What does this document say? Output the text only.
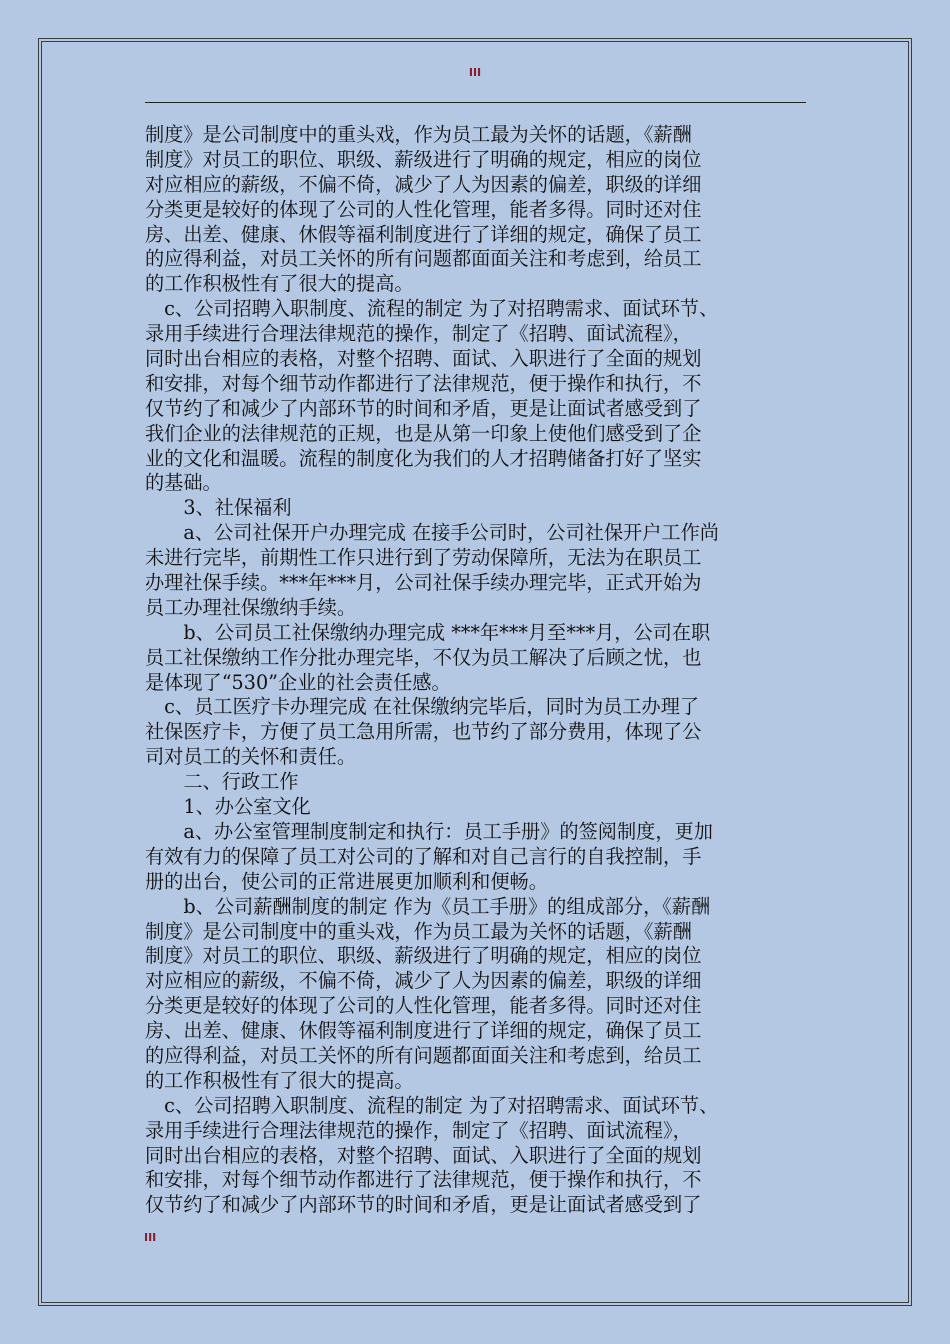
III
制度》是公司制度中的重头戏，作为员工最为关怀的话题，《薪酬
制度》对员工的职位、职级、薪级进行了明确的规定，相应的岗位
对应相应的薪级，不偏不倚，减少了人为因素的偏差，职级的详细
分类更是较好的体现了公司的人性化管理，能者多得。同时还对住
房、出差、健康、休假等福利制度进行了详细的规定，确保了员工
的应得利益，对员工关怀的所有问题都面面关注和考虑到，给员工
的工作积极性有了很大的提高。
　c、公司招聘入职制度、流程的制定 为了对招聘需求、面试环节、
录用手续进行合理法律规范的操作，制定了《招聘、面试流程》，
同时出台相应的表格，对整个招聘、面试、入职进行了全面的规划
和安排，对每个细节动作都进行了法律规范，便于操作和执行，不
仅节约了和减少了内部环节的时间和矛盾，更是让面试者感受到了
我们企业的法律规范的正规，也是从第一印象上使他们感受到了企
业的文化和温暖。流程的制度化为我们的人才招聘储备打好了坚实
的基础。
　　3、社保福利
　　a、公司社保开户办理完成 在接手公司时，公司社保开户工作尚
未进行完毕，前期性工作只进行到了劳动保障所，无法为在职员工
办理社保手续。***年***月，公司社保手续办理完毕，正式开始为
员工办理社保缴纳手续。
　　b、公司员工社保缴纳办理完成 ***年***月至***月，公司在职
员工社保缴纳工作分批办理完毕，不仅为员工解决了后顾之忧，也
是体现了“530”企业的社会责任感。
　c、员工医疗卡办理完成 在社保缴纳完毕后，同时为员工办理了
社保医疗卡，方便了员工急用所需，也节约了部分费用，体现了公
司对员工的关怀和责任。
　　二、行政工作
　　1、办公室文化
　　a、办公室管理制度制定和执行：员工手册》的签阅制度，更加
有效有力的保障了员工对公司的了解和对自己言行的自我控制，手
册的出台，使公司的正常进展更加顺利和便畅。
　　b、公司薪酬制度的制定 作为《员工手册》的组成部分，《薪酬
制度》是公司制度中的重头戏，作为员工最为关怀的话题，《薪酬
制度》对员工的职位、职级、薪级进行了明确的规定，相应的岗位
对应相应的薪级，不偏不倚，减少了人为因素的偏差，职级的详细
分类更是较好的体现了公司的人性化管理，能者多得。同时还对住
房、出差、健康、休假等福利制度进行了详细的规定，确保了员工
的应得利益，对员工关怀的所有问题都面面关注和考虑到，给员工
的工作积极性有了很大的提高。
　c、公司招聘入职制度、流程的制定 为了对招聘需求、面试环节、
录用手续进行合理法律规范的操作，制定了《招聘、面试流程》，
同时出台相应的表格，对整个招聘、面试、入职进行了全面的规划
和安排，对每个细节动作都进行了法律规范，便于操作和执行，不
仅节约了和减少了内部环节的时间和矛盾，更是让面试者感受到了
III
